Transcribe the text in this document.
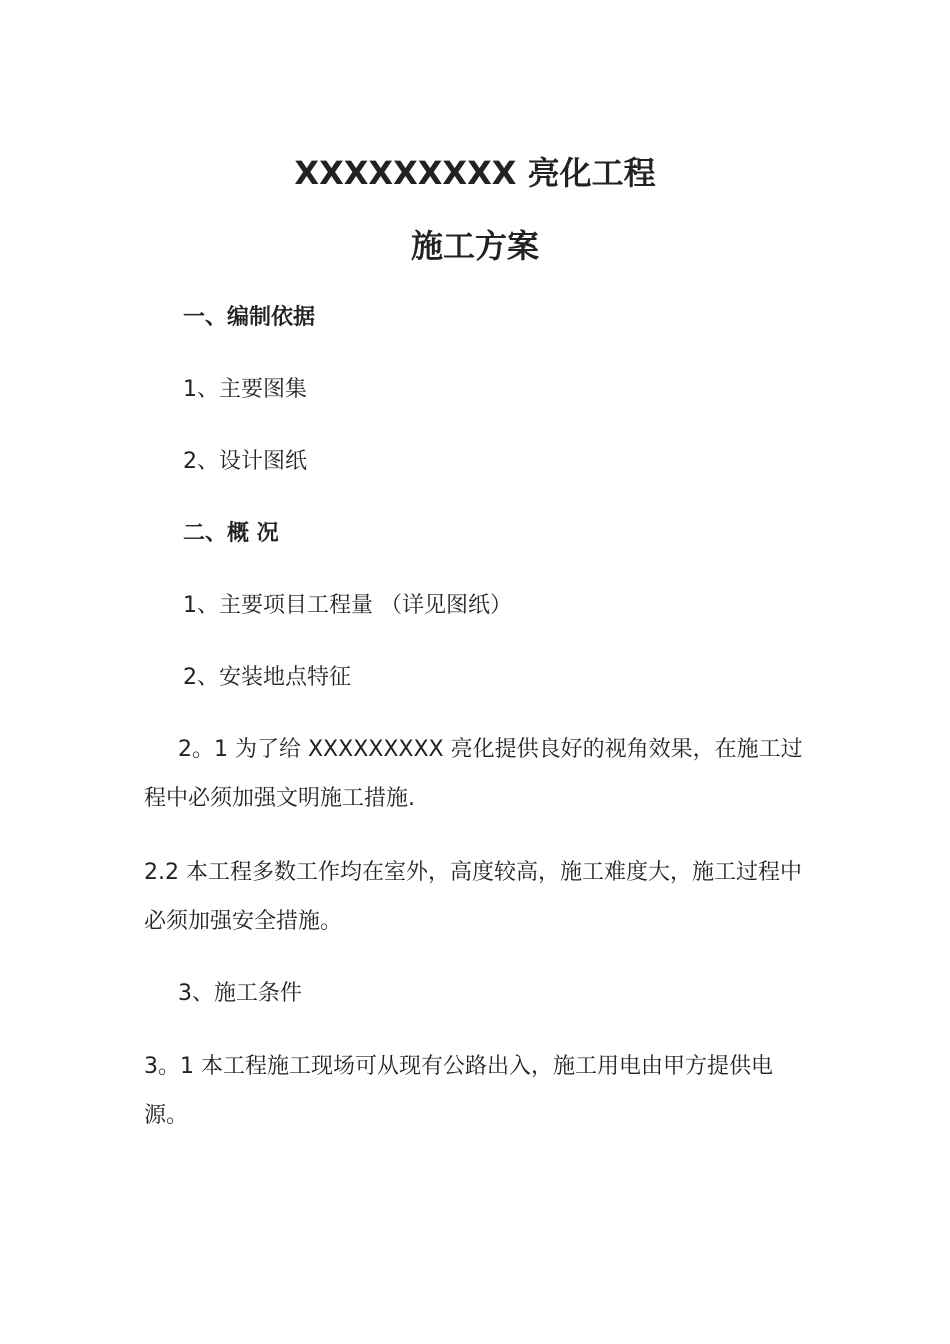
XXXXXXXXX 亮化工程
施工方案
一、编制依据
1、主要图集
2、设计图纸
二、概 况
1、主要项目工程量 （详见图纸）
2、安装地点特征
2。1 为了给 XXXXXXXXX 亮化提供良好的视角效果，在施工过程中必须加强文明施工措施.
2.2 本工程多数工作均在室外，高度较高，施工难度大，施工过程中必须加强安全措施。
3、施工条件
3。1 本工程施工现场可从现有公路出入，施工用电由甲方提供电源。
